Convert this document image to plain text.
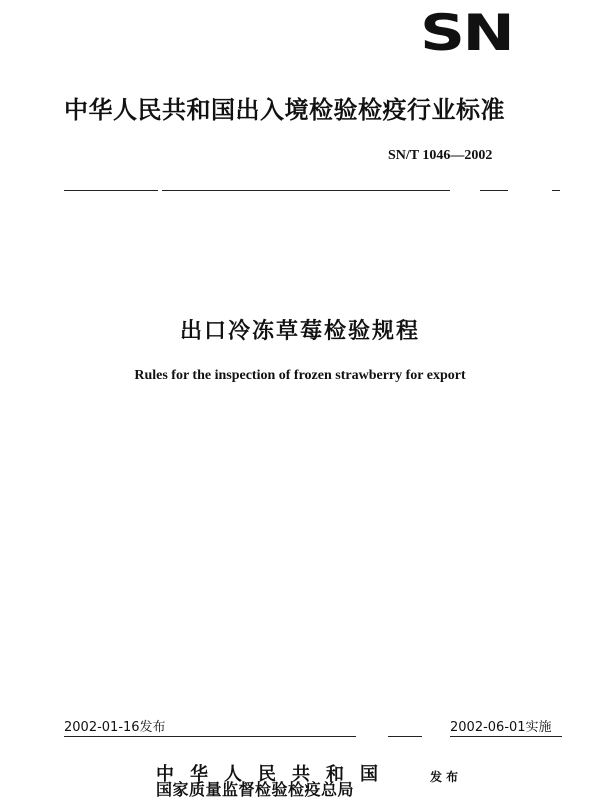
SN
中华人民共和国出入境检验检疫行业标准
SN/T 1046—2002
出口冷冻草莓检验规程
Rules for the inspection of frozen strawberry for export
2002-01-16发布	2002-06-01实施
中华人民共和国
国家质量监督检验检疫总局
发布
